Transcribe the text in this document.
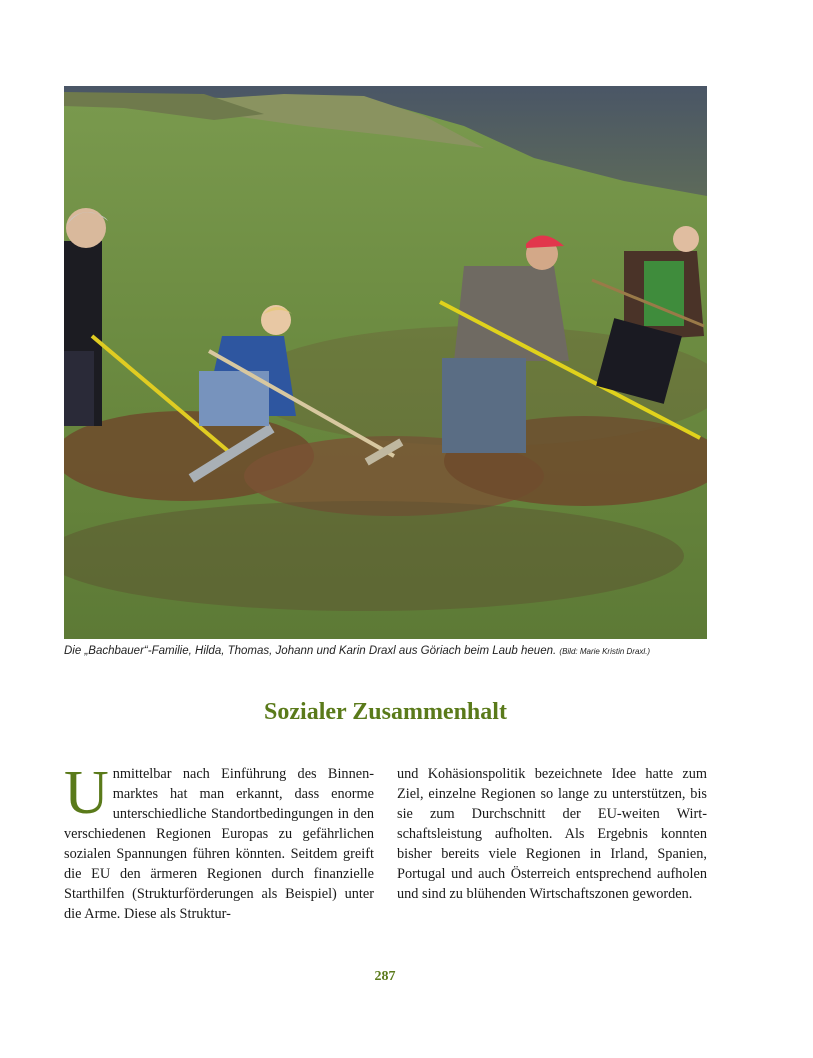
Die „Bachbauer“-Familie, Hilda, Thomas, Johann und Karin Draxl aus Göriach beim Laub heuen. (Bild: Marie Kristin Draxl.)
Sozialer Zusammenhalt
Unmittelbar nach Einführung des Binnenmarktes hat man erkannt, dass enorme unterschiedliche Standortbedingungen in den verschiedenen Regionen Europas zu gefährlichen sozialen Spannungen führen könnten. Seitdem greift die EU den ärmeren Regionen durch finanzielle Starthilfen (Strukturförderungen als Beispiel) unter die Arme. Diese als Struktur-
und Kohäsionspolitik bezeichnete Idee hatte zum Ziel, einzelne Regionen so lange zu unterstützen, bis sie zum Durchschnitt der EU-weiten Wirtschaftsleistung aufholten. Als Ergebnis konnten bisher bereits viele Regionen in Irland, Spanien, Portugal und auch Österreich entsprechend aufholen und sind zu blühenden Wirtschaftszonen geworden.
287
